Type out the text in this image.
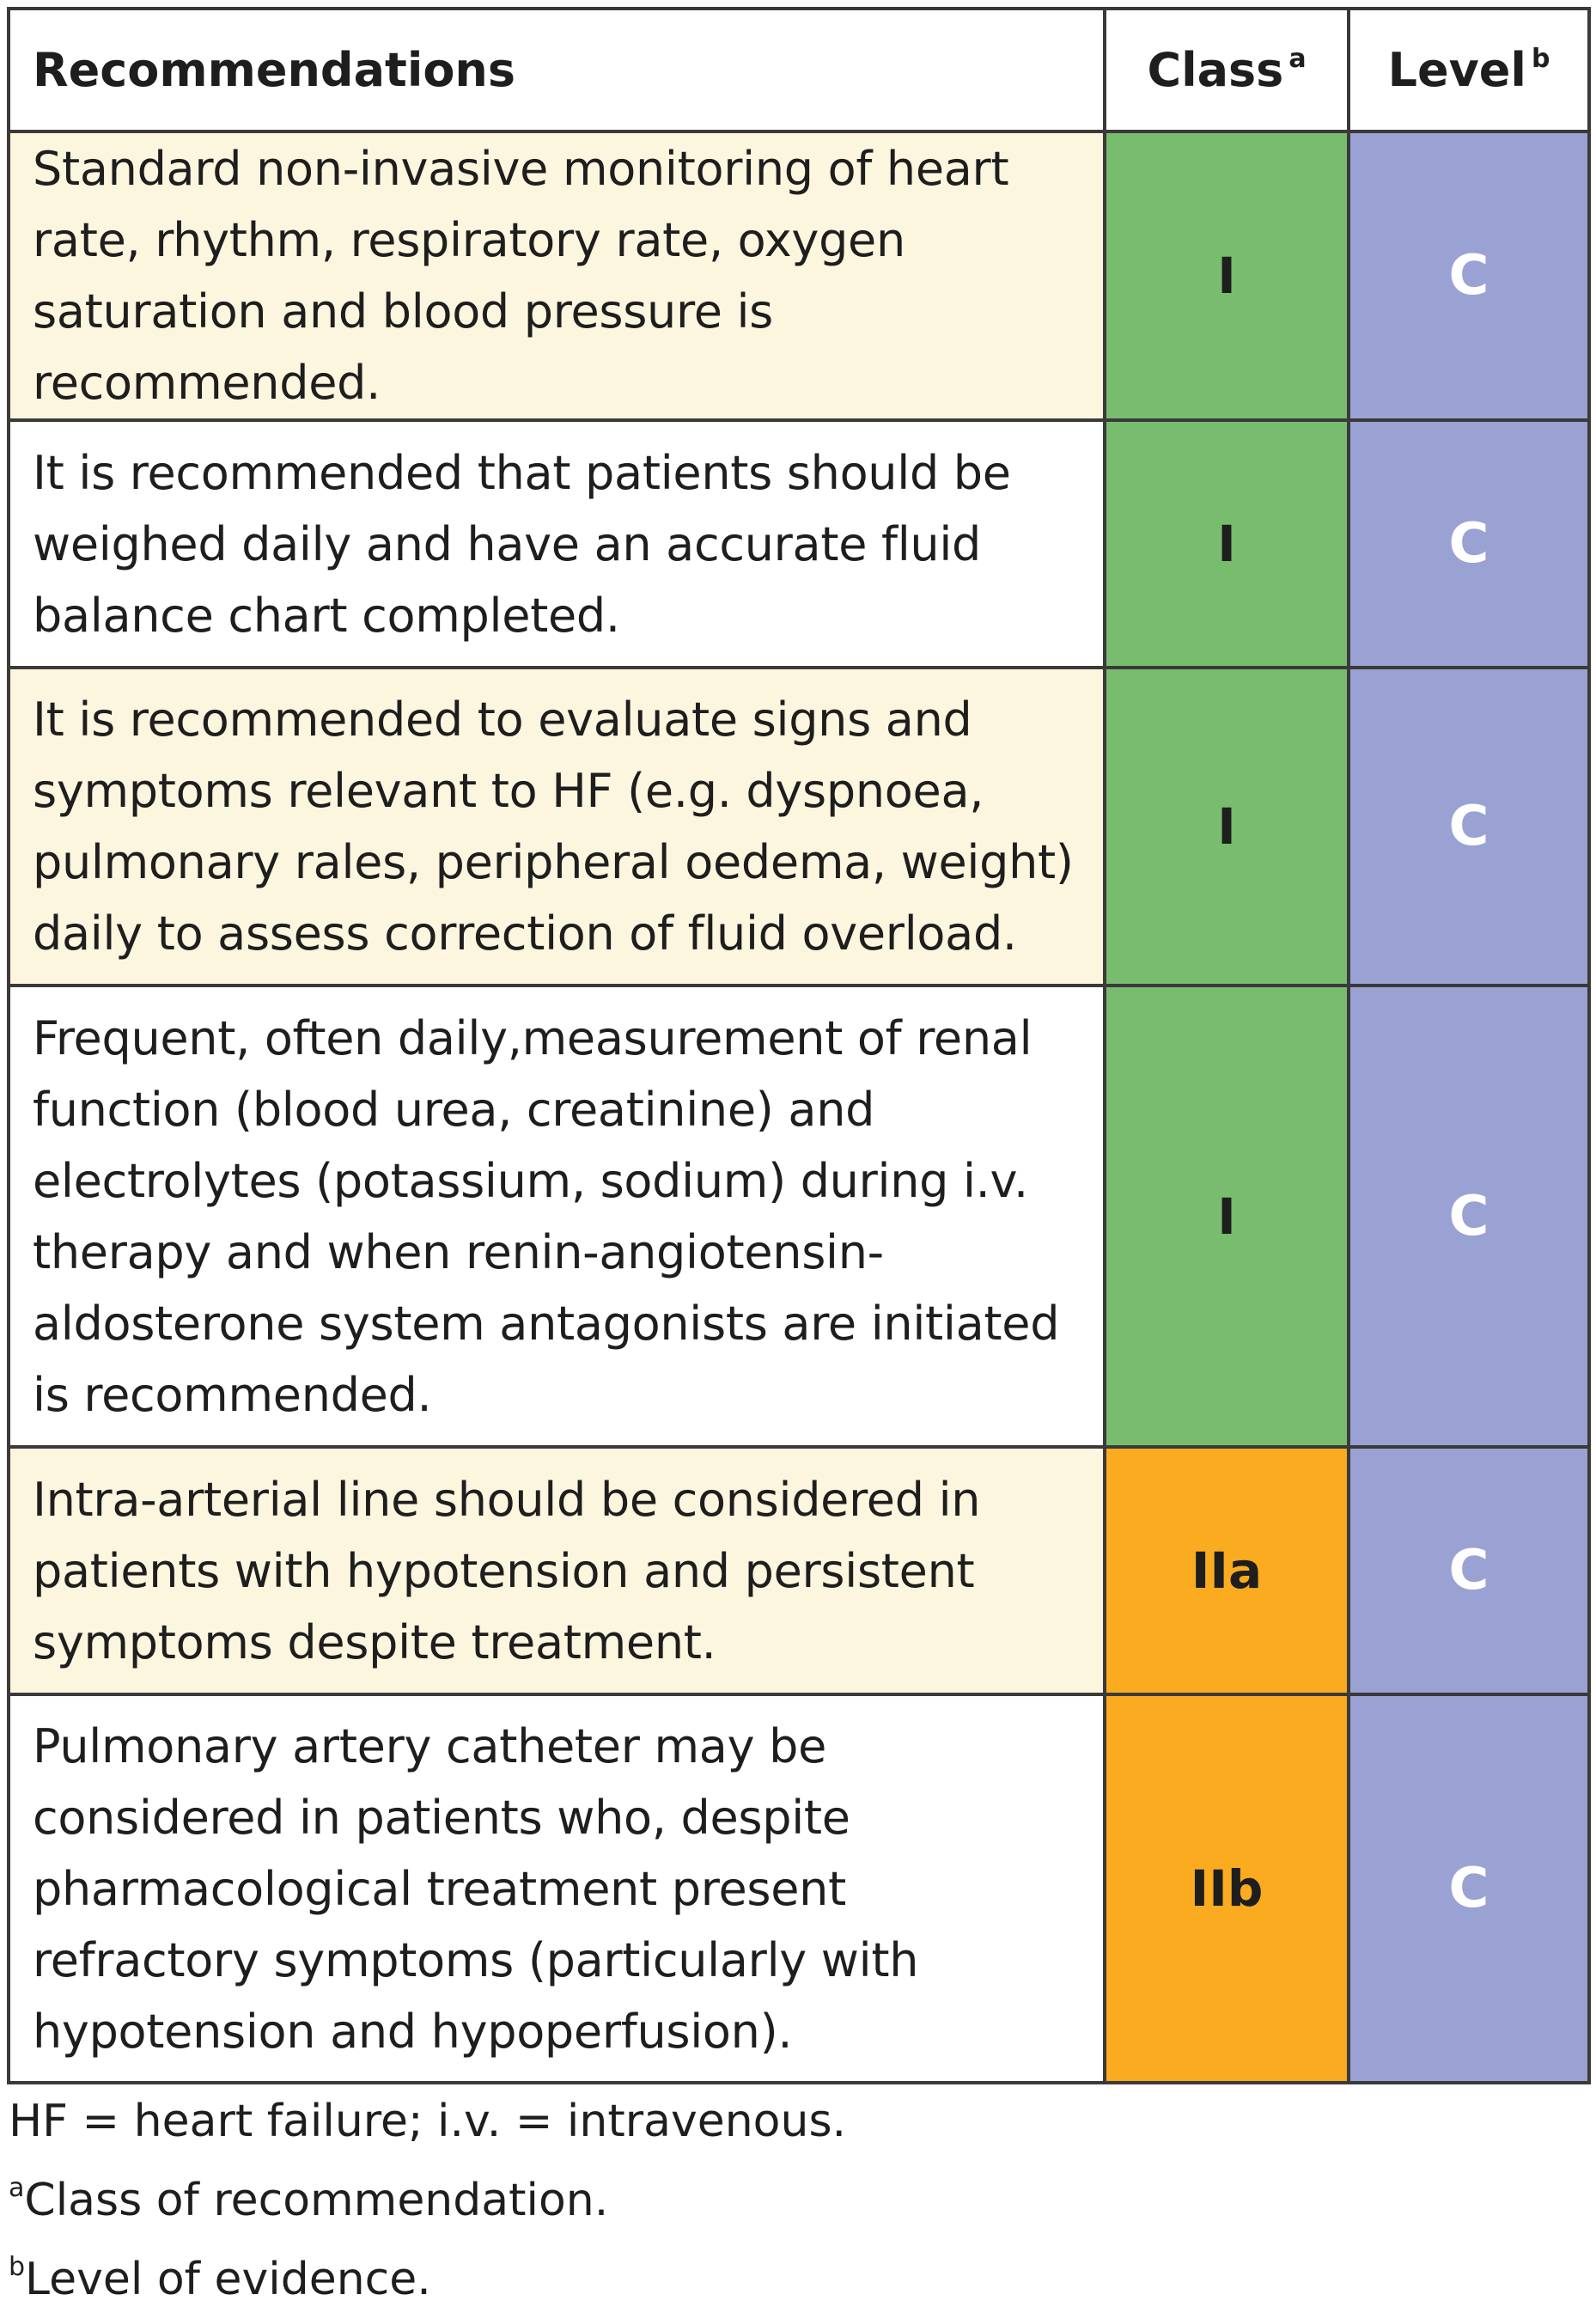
Recommendations	Class $^a$	Level $^b$
Standard non-invasive monitoring of heart rate, rhythm, respiratory rate, oxygen saturation and blood pressure is recommended.	I	C
It is recommended that patients should be weighed daily and have an accurate fluid balance chart completed.	I	C
It is recommended to evaluate signs and symptoms relevant to HF (e.g. dyspnoea, pulmonary rales, peripheral oedema, weight) daily to assess correction of fluid overload.	I	C
Frequent, often daily,measurement of renal function (blood urea, creatinine) and electrolytes (potassium, sodium) during i.v. therapy and when renin-angiotensin-aldosterone system antagonists are initiated is recommended.	I	C
Intra-arterial line should be considered in patients with hypotension and persistent symptoms despite treatment.	IIa	C
Pulmonary artery catheter may be considered in patients who, despite pharmacological treatment present refractory symptoms (particularly with hypotension and hypoperfusion).	IIb	C

HF = heart failure; i.v. = intravenous.

$^a$Class of recommendation.

$^b$Level of evidence.
